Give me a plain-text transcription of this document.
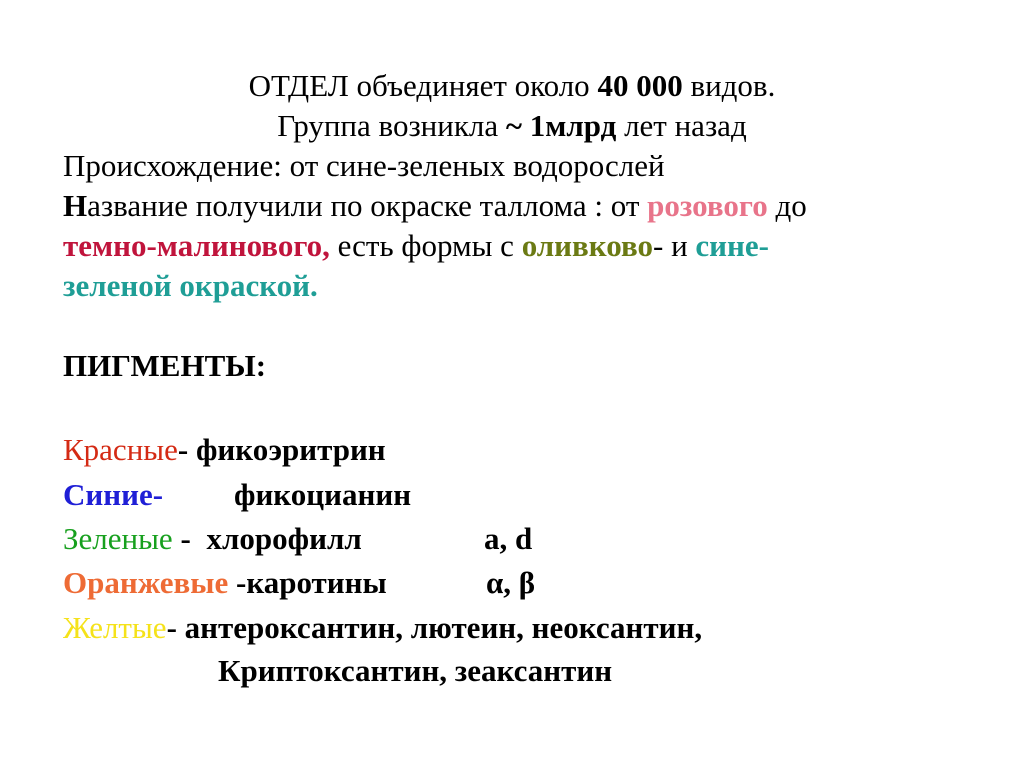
ОТДЕЛ объединяет около 40 000 видов.
Группа возникла ~ 1млрд лет назад
Происхождение: от сине-зеленых водорослей
Название получили по окраске таллома : от розового до
темно-малинового, есть формы с оливково- и сине-
зеленой окраской.
ПИГМЕНТЫ:
Красные- фикоэритрин
Синие- фикоцианин
Зеленые - хлорофилл	а, d
Оранжевые -каротины	α, β
Желтые- антероксантин, лютеин, неоксантин,
Криптоксантин, зеаксантин
